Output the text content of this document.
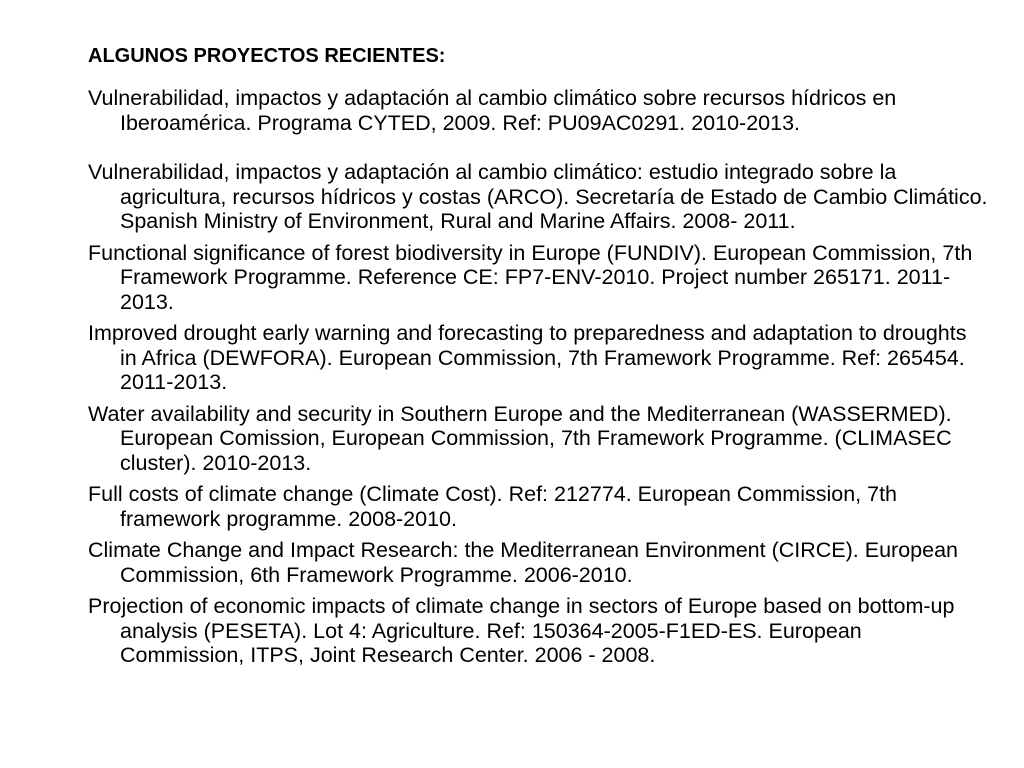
ALGUNOS PROYECTOS RECIENTES:
Vulnerabilidad, impactos y adaptación al cambio climático sobre recursos hídricos en Iberoamérica. Programa CYTED, 2009. Ref: PU09AC0291. 2010-2013.
Vulnerabilidad, impactos y adaptación al cambio climático: estudio integrado sobre la agricultura, recursos hídricos y costas (ARCO). Secretaría de Estado de Cambio Climático. Spanish Ministry of Environment, Rural and Marine Affairs. 2008- 2011.
Functional significance of forest biodiversity in Europe (FUNDIV). European Commission, 7th Framework Programme. Reference CE: FP7-ENV-2010. Project number 265171. 2011-2013.
Improved drought early warning and forecasting to preparedness and adaptation to droughts in Africa (DEWFORA). European Commission, 7th Framework Programme. Ref: 265454. 2011-2013.
Water availability and security in Southern Europe and the Mediterranean (WASSERMED). European Comission, European Commission, 7th Framework Programme. (CLIMASEC cluster). 2010-2013.
Full costs of climate change (Climate Cost). Ref: 212774. European Commission, 7th framework programme. 2008-2010.
Climate Change and Impact Research: the Mediterranean Environment (CIRCE). European Commission, 6th Framework Programme. 2006-2010.
Projection of economic impacts of climate change in sectors of Europe based on bottom-up analysis (PESETA). Lot 4: Agriculture. Ref: 150364-2005-F1ED-ES. European Commission, ITPS, Joint Research Center. 2006 - 2008.
